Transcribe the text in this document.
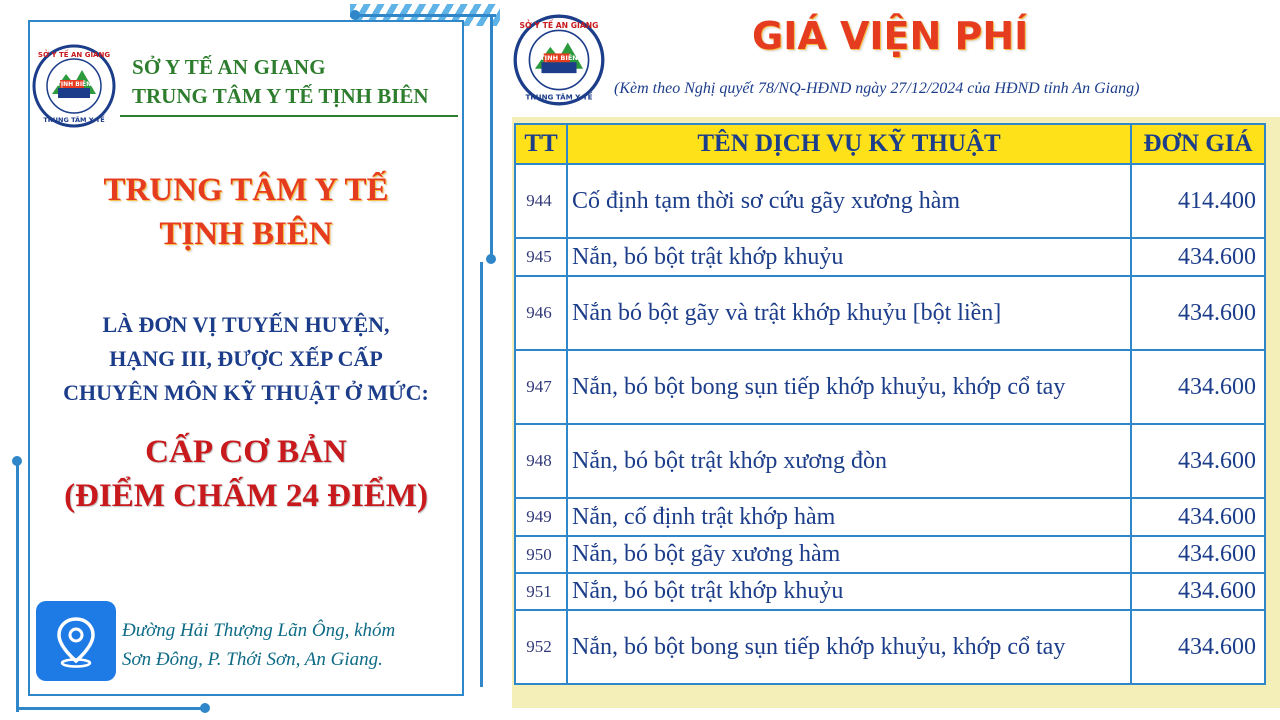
SỞ Y TẾ AN GIANG
TỊNH BIÊN
TRUNG TÂM Y TẾ
SỞ Y TẾ AN GIANG
TRUNG TÂM Y TẾ TỊNH BIÊN
TRUNG TÂM Y TẾ
TỊNH BIÊN
LÀ ĐƠN VỊ TUYẾN HUYỆN,
HẠNG III, ĐƯỢC XẾP CẤP
CHUYÊN MÔN KỸ THUẬT Ở MỨC:
CẤP CƠ BẢN
(ĐIỂM CHẤM 24 ĐIỂM)
Đường Hải Thượng Lãn Ông, khóm
Sơn Đông, P. Thới Sơn, An Giang.
SỞ Y TẾ AN GIANG
TỊNH BIÊN
TRUNG TÂM Y TẾ
GIÁ VIỆN PHÍ
(Kèm theo Nghị quyết 78/NQ-HĐND ngày 27/12/2024 của HĐND tỉnh An Giang)
TT	TÊN DỊCH VỤ KỸ THUẬT	ĐƠN GIÁ
944	Cố định tạm thời sơ cứu gãy xương hàm	414.400
945	Nắn, bó bột trật khớp khuỷu	434.600
946	Nắn bó bột gãy và trật khớp khuỷu [bột liền]	434.600
947	Nắn, bó bột bong sụn tiếp khớp khuỷu, khớp cổ tay	434.600
948	Nắn, bó bột trật khớp xương đòn	434.600
949	Nắn, cố định trật khớp hàm	434.600
950	Nắn, bó bột gãy xương hàm	434.600
951	Nắn, bó bột trật khớp khuỷu	434.600
952	Nắn, bó bột bong sụn tiếp khớp khuỷu, khớp cổ tay	434.600
